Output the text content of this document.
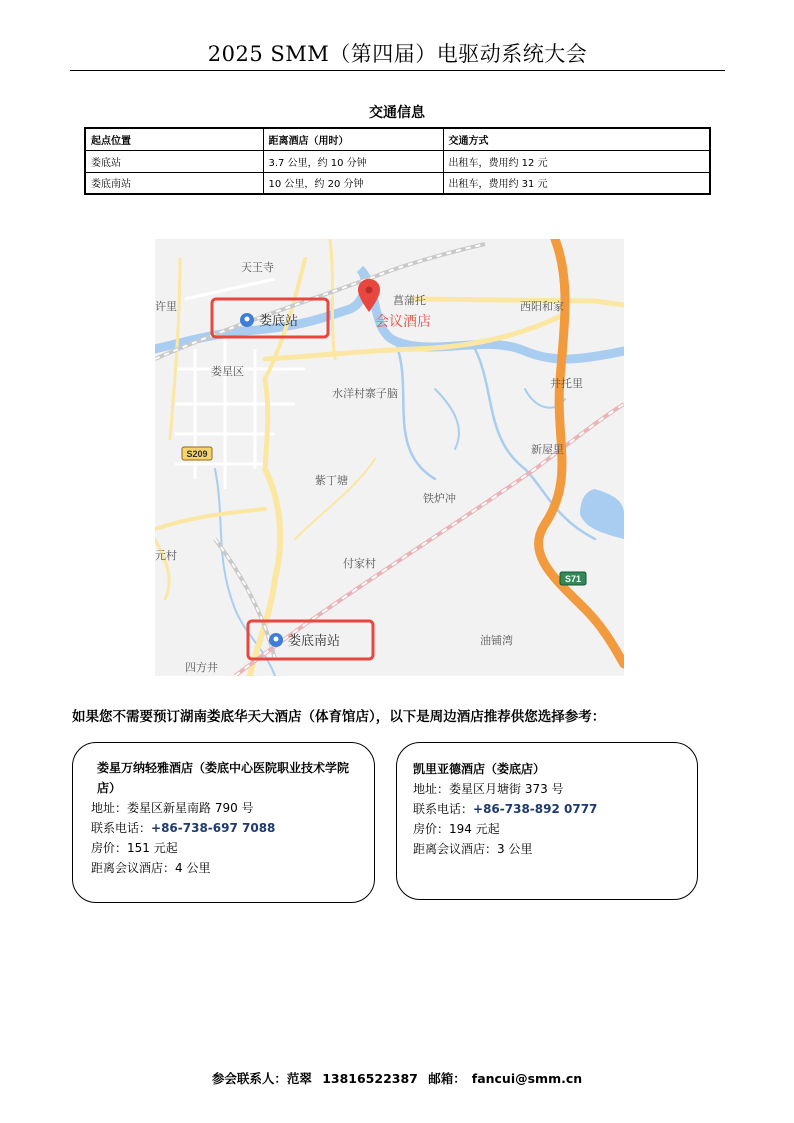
2025 SMM（第四届）电驱动系统大会
交通信息
起点位置	距离酒店（用时）	交通方式
娄底站	3.7 公里，约 10 分钟	出租车，费用约 12 元
娄底南站	10 公里，约 20 分钟	出租车，费用约 31 元
S209
S71
天王寺
许里	菖蒲托	西阳和家
娄星区
水洋村寨子脑
井托里
新屋里
紫丁塘
铁炉冲
元村
付家村
油铺湾
四方井
娄底站
娄底南站
会议酒店
如果您不需要预订湖南娄底华天大酒店（体育馆店），以下是周边酒店推荐供您选择参考：
娄星万纳轻雅酒店（娄底中心医院职业技术学院店）
地址：娄星区新星南路 790 号
联系电话：+86-738-697 7088
房价：151 元起
距离会议酒店：4 公里
凯里亚德酒店（娄底店）
地址：娄星区月塘街 373 号
联系电话：+86-738-892 0777
房价：194 元起
距离会议酒店：3 公里
参会联系人：范翠 13816522387 邮箱： fancui@smm.cn
